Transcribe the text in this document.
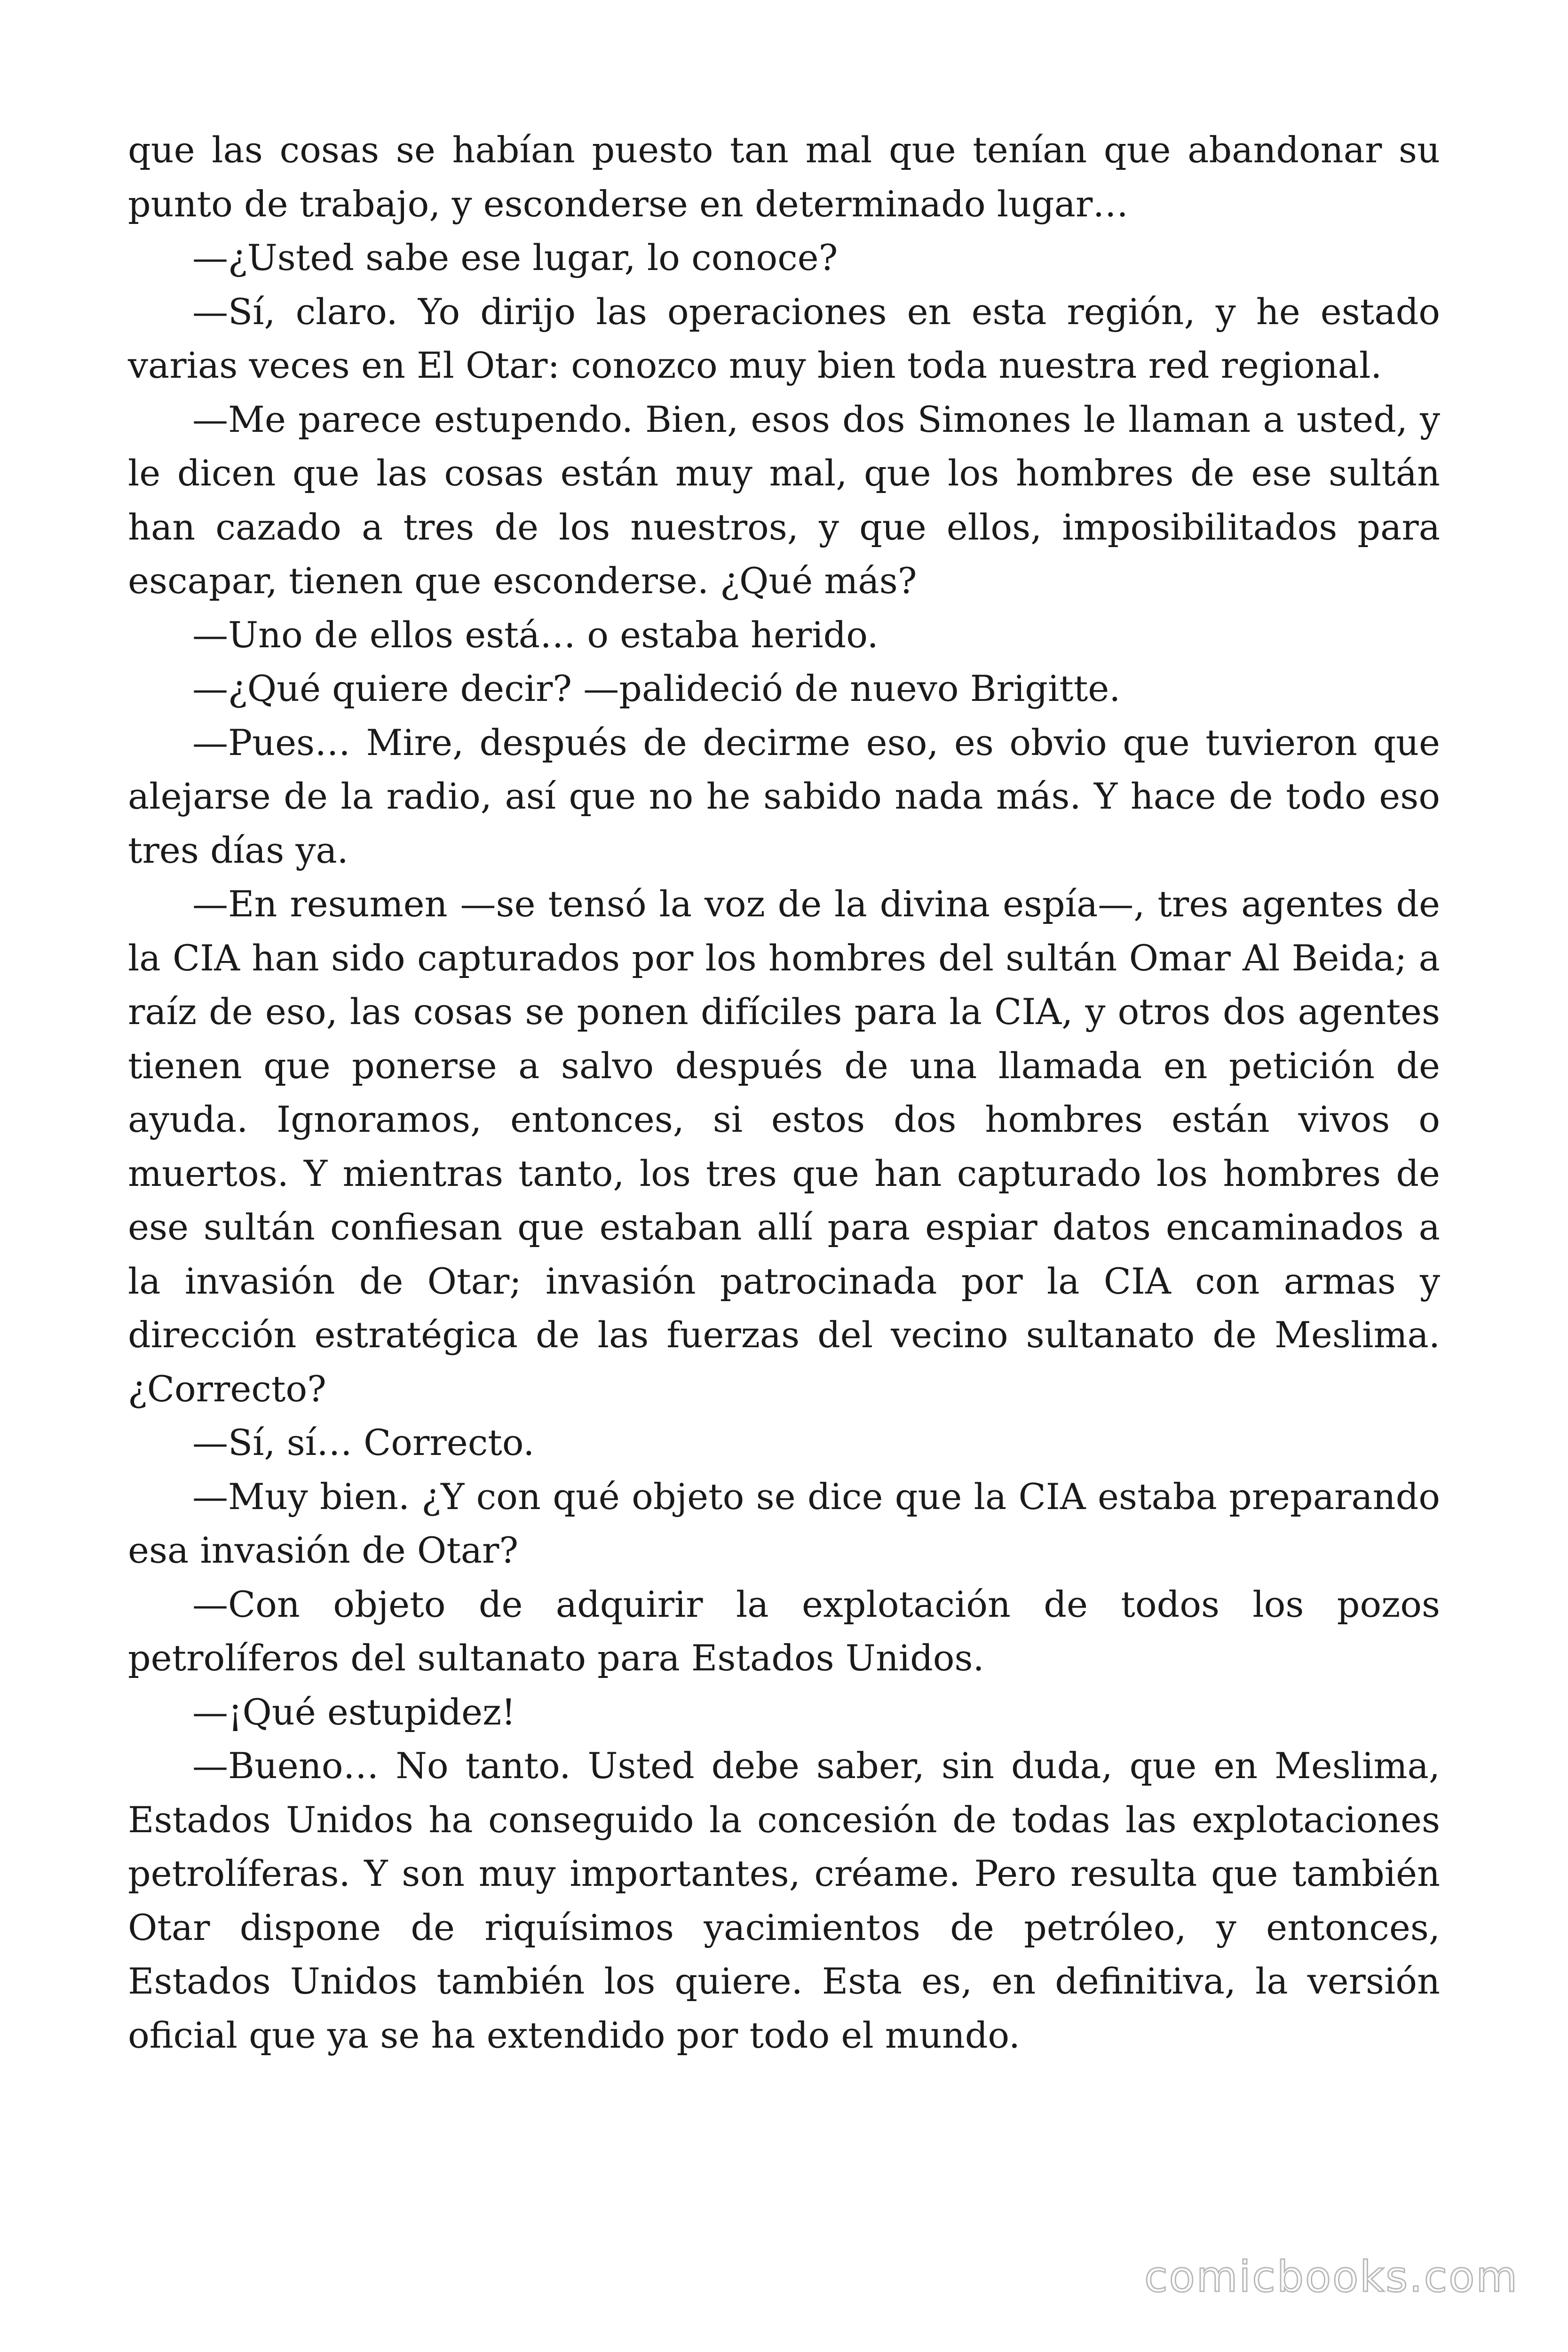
que las cosas se habían puesto tan mal que tenían que abandonar su punto de trabajo, y esconderse en determinado lugar…

—¿Usted sabe ese lugar, lo conoce?

—Sí, claro. Yo dirijo las operaciones en esta región, y he estado varias veces en El Otar: conozco muy bien toda nuestra red regional.

—Me parece estupendo. Bien, esos dos Simones le llaman a usted, y le dicen que las cosas están muy mal, que los hombres de ese sultán han cazado a tres de los nuestros, y que ellos, imposibilitados para escapar, tienen que esconderse. ¿Qué más?

—Uno de ellos está… o estaba herido.

—¿Qué quiere decir? —palideció de nuevo Brigitte.

—Pues… Mire, después de decirme eso, es obvio que tuvieron que alejarse de la radio, así que no he sabido nada más. Y hace de todo eso tres días ya.

—En resumen —se tensó la voz de la divina espía—, tres agentes de la CIA han sido capturados por los hombres del sultán Omar Al Beida; a raíz de eso, las cosas se ponen difíciles para la CIA, y otros dos agentes tienen que ponerse a salvo después de una llamada en petición de ayuda. Ignoramos, entonces, si estos dos hombres están vivos o muertos. Y mientras tanto, los tres que han capturado los hombres de ese sultán confiesan que estaban allí para espiar datos encaminados a la invasión de Otar; invasión patrocinada por la CIA con armas y dirección estratégica de las fuerzas del vecino sultanato de Meslima. ¿Correcto?

—Sí, sí… Correcto.

—Muy bien. ¿Y con qué objeto se dice que la CIA estaba preparando esa invasión de Otar?

—Con objeto de adquirir la explotación de todos los pozos petrolíferos del sultanato para Estados Unidos.

—¡Qué estupidez!

—Bueno… No tanto. Usted debe saber, sin duda, que en Meslima, Estados Unidos ha conseguido la concesión de todas las explotaciones petrolíferas. Y son muy importantes, créame. Pero resulta que también Otar dispone de riquísimos yacimientos de petróleo, y entonces, Estados Unidos también los quiere. Esta es, en definitiva, la versión oficial que ya se ha extendido por todo el mundo.

comicbooks.com
